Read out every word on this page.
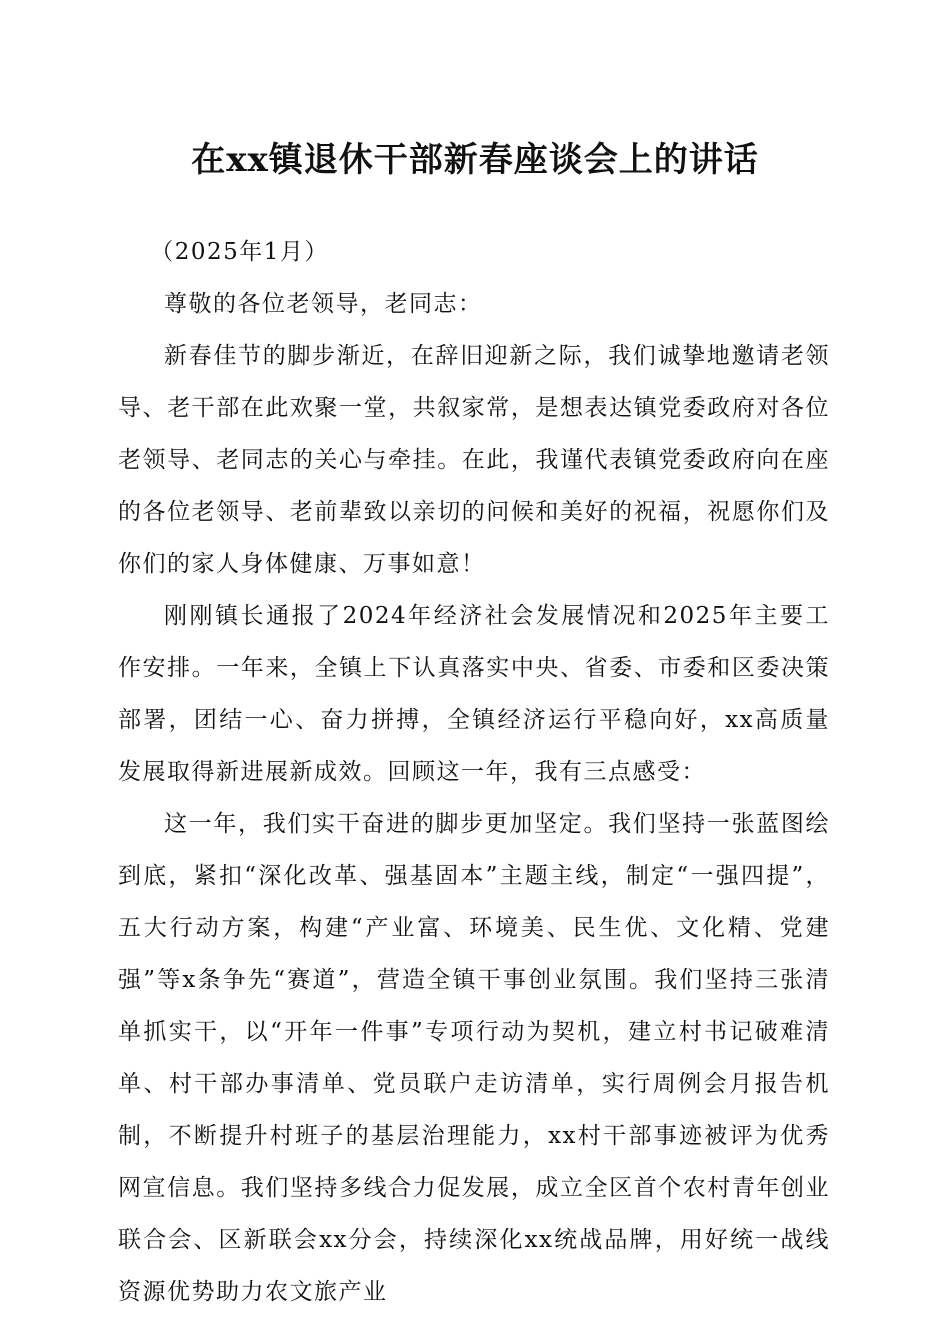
在xx镇退休干部新春座谈会上的讲话

（2025年1月）

尊敬的各位老领导，老同志：

新春佳节的脚步渐近，在辞旧迎新之际，我们诚挚地邀请老领导、老干部在此欢聚一堂，共叙家常，是想表达镇党委政府对各位老领导、老同志的关心与牵挂。在此，我谨代表镇党委政府向在座的各位老领导、老前辈致以亲切的问候和美好的祝福，祝愿你们及你们的家人身体健康、万事如意！

刚刚镇长通报了2024年经济社会发展情况和2025年主要工作安排。一年来，全镇上下认真落实中央、省委、市委和区委决策部署，团结一心、奋力拼搏，全镇经济运行平稳向好，xx高质量发展取得新进展新成效。回顾这一年，我有三点感受：

这一年，我们实干奋进的脚步更加坚定。我们坚持一张蓝图绘到底，紧扣“深化改革、强基固本”主题主线，制定“一强四提”，五大行动方案，构建“产业富、环境美、民生优、文化精、党建强”等x条争先“赛道”，营造全镇干事创业氛围。我们坚持三张清单抓实干，以“开年一件事”专项行动为契机，建立村书记破难清单、村干部办事清单、党员联户走访清单，实行周例会月报告机制，不断提升村班子的基层治理能力，xx村干部事迹被评为优秀网宣信息。我们坚持多线合力促发展，成立全区首个农村青年创业联合会、区新联会xx分会，持续深化xx统战品牌，用好统一战线资源优势助力农文旅产业
